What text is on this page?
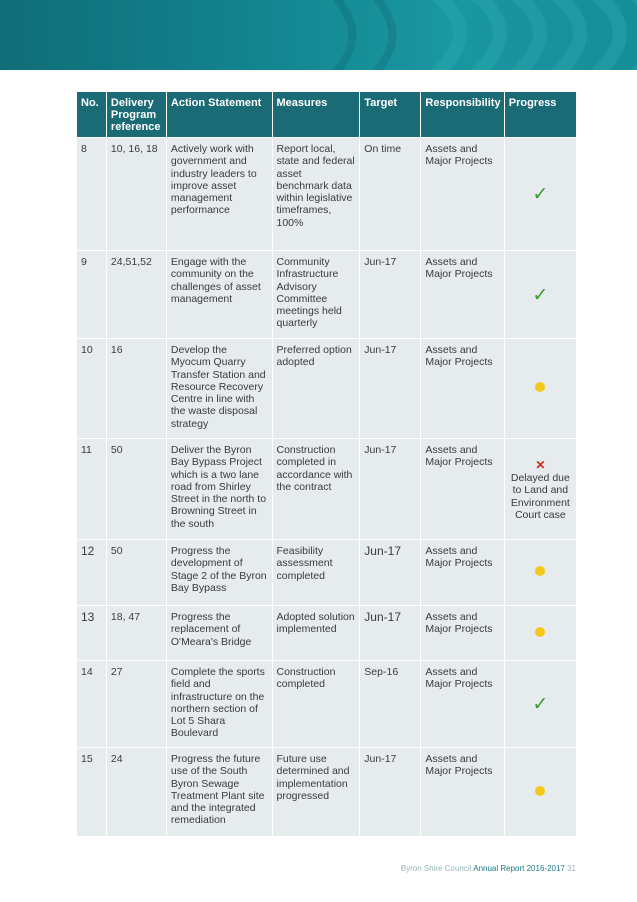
No.	Delivery Program reference	Action Statement	Measures	Target	Responsibility	Progress
8	10, 16, 18	Actively work with government and industry leaders to improve asset management performance	Report local, state and federal asset benchmark data within legislative timeframes, 100%	On time	Assets and Major Projects	✓
9	24,51,52	Engage with the community on the challenges of asset management	Community Infrastructure Advisory Committee meetings held quarterly	Jun-17	Assets and Major Projects	✓
10	16	Develop the Myocum Quarry Transfer Station and Resource Recovery Centre in line with the waste disposal strategy	Preferred option adopted	Jun-17	Assets and Major Projects	
11	50	Deliver the Byron Bay Bypass Project which is a two lane road from Shirley Street in the north to Browning Street in the south	Construction completed in accordance with the contract	Jun-17	Assets and Major Projects	✕
Delayed due to Land and Environment Court case

12	50	Progress the development of Stage 2 of the Byron Bay Bypass	Feasibility assessment completed	Jun-17	Assets and Major Projects	
13	18, 47	Progress the replacement of O'Meara's Bridge	Adopted solution implemented	Jun-17	Assets and Major Projects	
14	27	Complete the sports field and infrastructure on the northern section of Lot 5 Shara Boulevard	Construction completed	Sep-16	Assets and Major Projects	✓
15	24	Progress the future use of the South Byron Sewage Treatment Plant site and the integrated remediation	Future use determined and implementation progressed	Jun-17	Assets and Major Projects	
Byron Shire Council Annual Report 2016-2017 31
